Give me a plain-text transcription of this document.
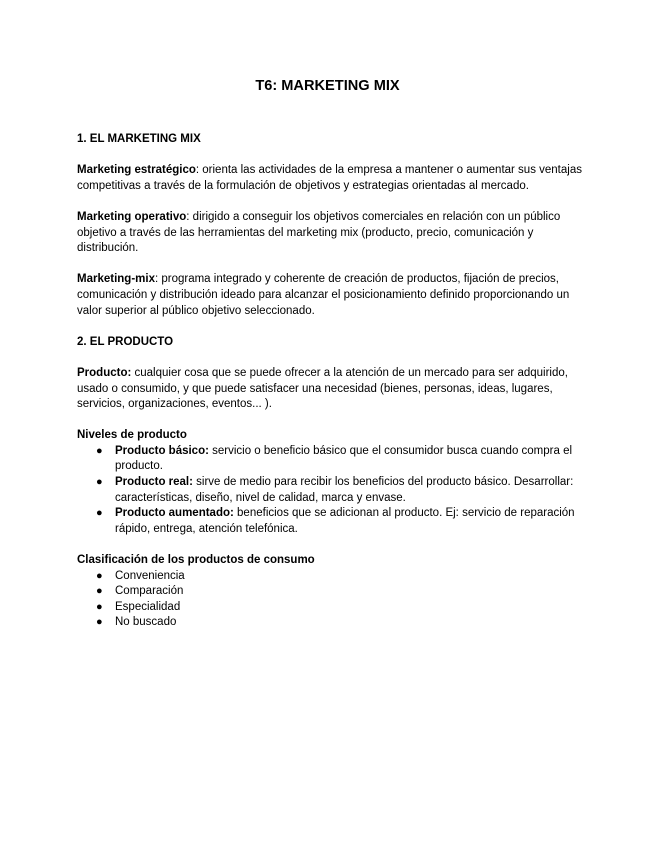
T6: MARKETING MIX

1. EL MARKETING MIX

Marketing estratégico: orienta las actividades de la empresa a mantener o aumentar sus ventajas competitivas a través de la formulación de objetivos y estrategias orientadas al mercado.

Marketing operativo: dirigido a conseguir los objetivos comerciales en relación con un público objetivo a través de las herramientas del marketing mix (producto, precio, comunicación y distribución.

Marketing-mix: programa integrado y coherente de creación de productos, fijación de precios, comunicación y distribución ideado para alcanzar el posicionamiento definido proporcionando un valor superior al público objetivo seleccionado.

2. EL PRODUCTO

Producto: cualquier cosa que se puede ofrecer a la atención de un mercado para ser adquirido, usado o consumido, y que puede satisfacer una necesidad (bienes, personas, ideas, lugares, servicios, organizaciones, eventos... ).

Niveles de producto

● Producto básico: servicio o beneficio básico que el consumidor busca cuando compra el producto.
● Producto real: sirve de medio para recibir los beneficios del producto básico. Desarrollar: características, diseño, nivel de calidad, marca y envase.
● Producto aumentado: beneficios que se adicionan al producto. Ej: servicio de reparación rápido, entrega, atención telefónica.

Clasificación de los productos de consumo

● Conveniencia
● Comparación
● Especialidad
● No buscado
